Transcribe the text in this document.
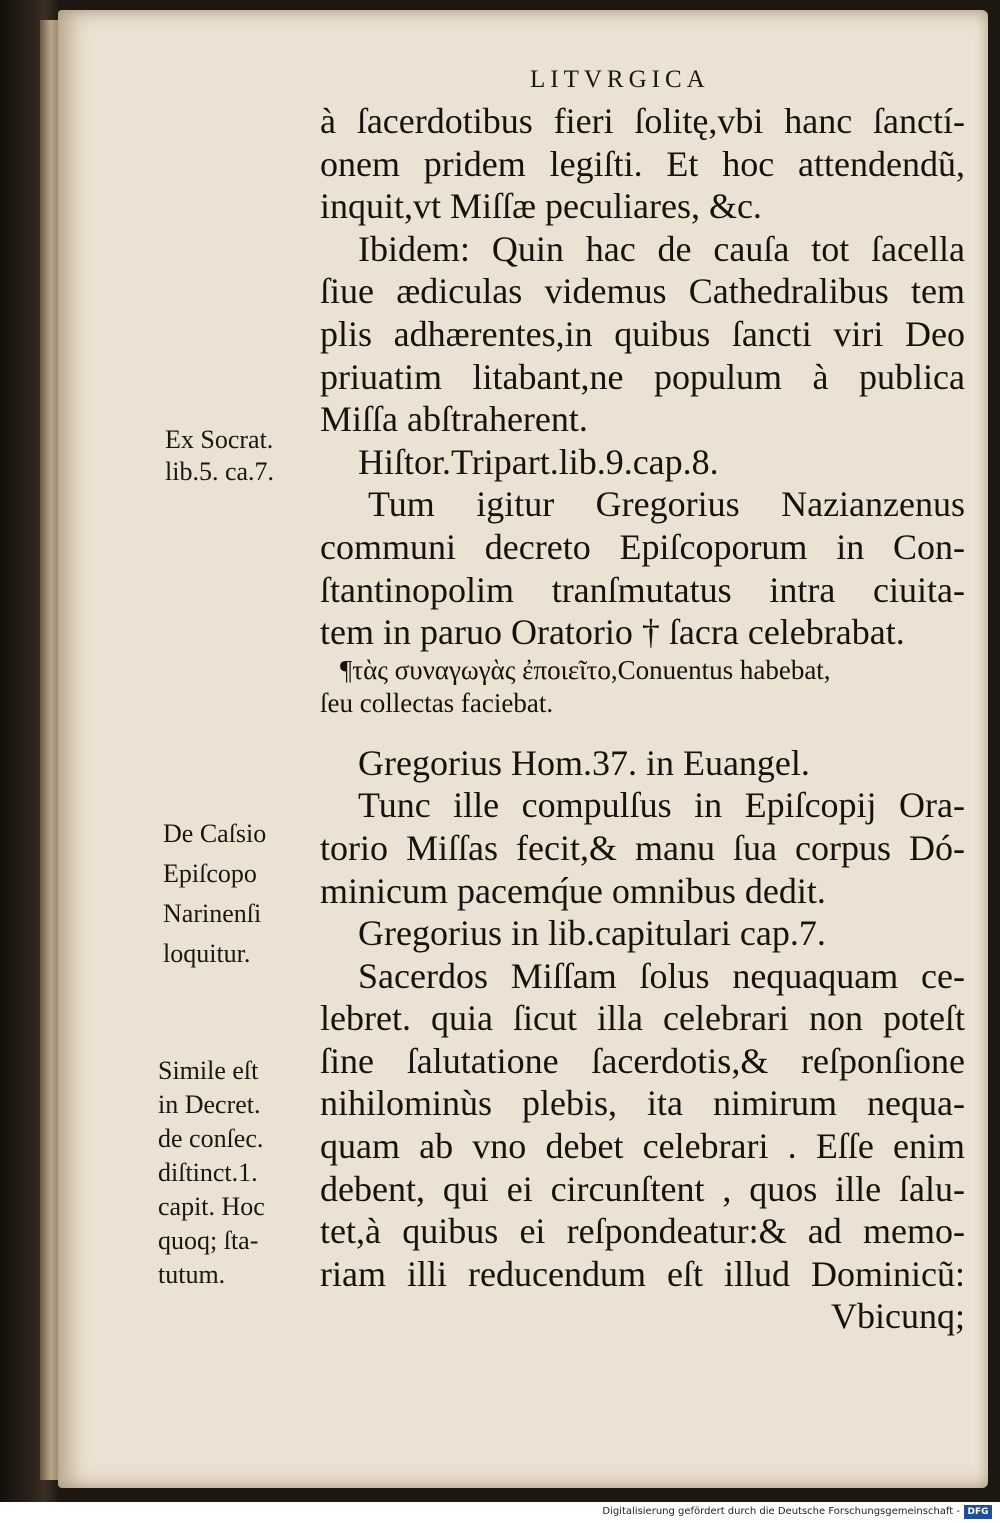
LITVRGICA
à ſacerdotibus fieri ſolitę,vbi hanc ſanctí-
onem pridem legiſti. Et hoc attendendũ,
inquit,vt Miſſæ peculiares, &c.
Ibidem: Quin hac de cauſa tot ſacella
ſiue ædiculas videmus Cathedralibus tem
plis adhærentes,in quibus ſancti viri Deo
priuatim litabant,ne populum à publica
Miſſa abſtraherent.
Hiſtor.Tripart.lib.9.cap.8.
Tum igitur Gregorius Nazianzenus
communi decreto Epiſcoporum in Con-
ſtantinopolim tranſmutatus intra ciuita-
tem in paruo Oratorio † ſacra celebrabat.
¶τὰς συναγωγὰς ἐποιεῖτο,Conuentus habebat,
ſeu collectas faciebat.
Gregorius Hom.37. in Euangel.
Tunc ille compulſus in Epiſcopij Ora-
torio Miſſas fecit,& manu ſua corpus Dó-
minicum pacemq́ue omnibus dedit.
Gregorius in lib.capitulari cap.7.
Sacerdos Miſſam ſolus nequaquam ce-
lebret. quia ſicut illa celebrari non poteſt
ſine ſalutatione ſacerdotis,& reſponſione
nihilominùs plebis, ita nimirum nequa-
quam ab vno debet celebrari . Eſſe enim
debent, qui ei circunſtent , quos ille ſalu-
tet,à quibus ei reſpondeatur:& ad memo-
riam illi reducendum eſt illud Dominicũ:
Vbicunq;
Ex Socrat.
lib.5. ca.7.
De Caſsio
Epiſcopo
Narinenſi
loquitur.
Simile eſt
in Decret.
de conſec.
diſtinct.1.
capit. Hoc
quoq; ſta-
tutum.
Digitalisierung gefördert durch die Deutsche Forschungsgemeinschaft - DFG
